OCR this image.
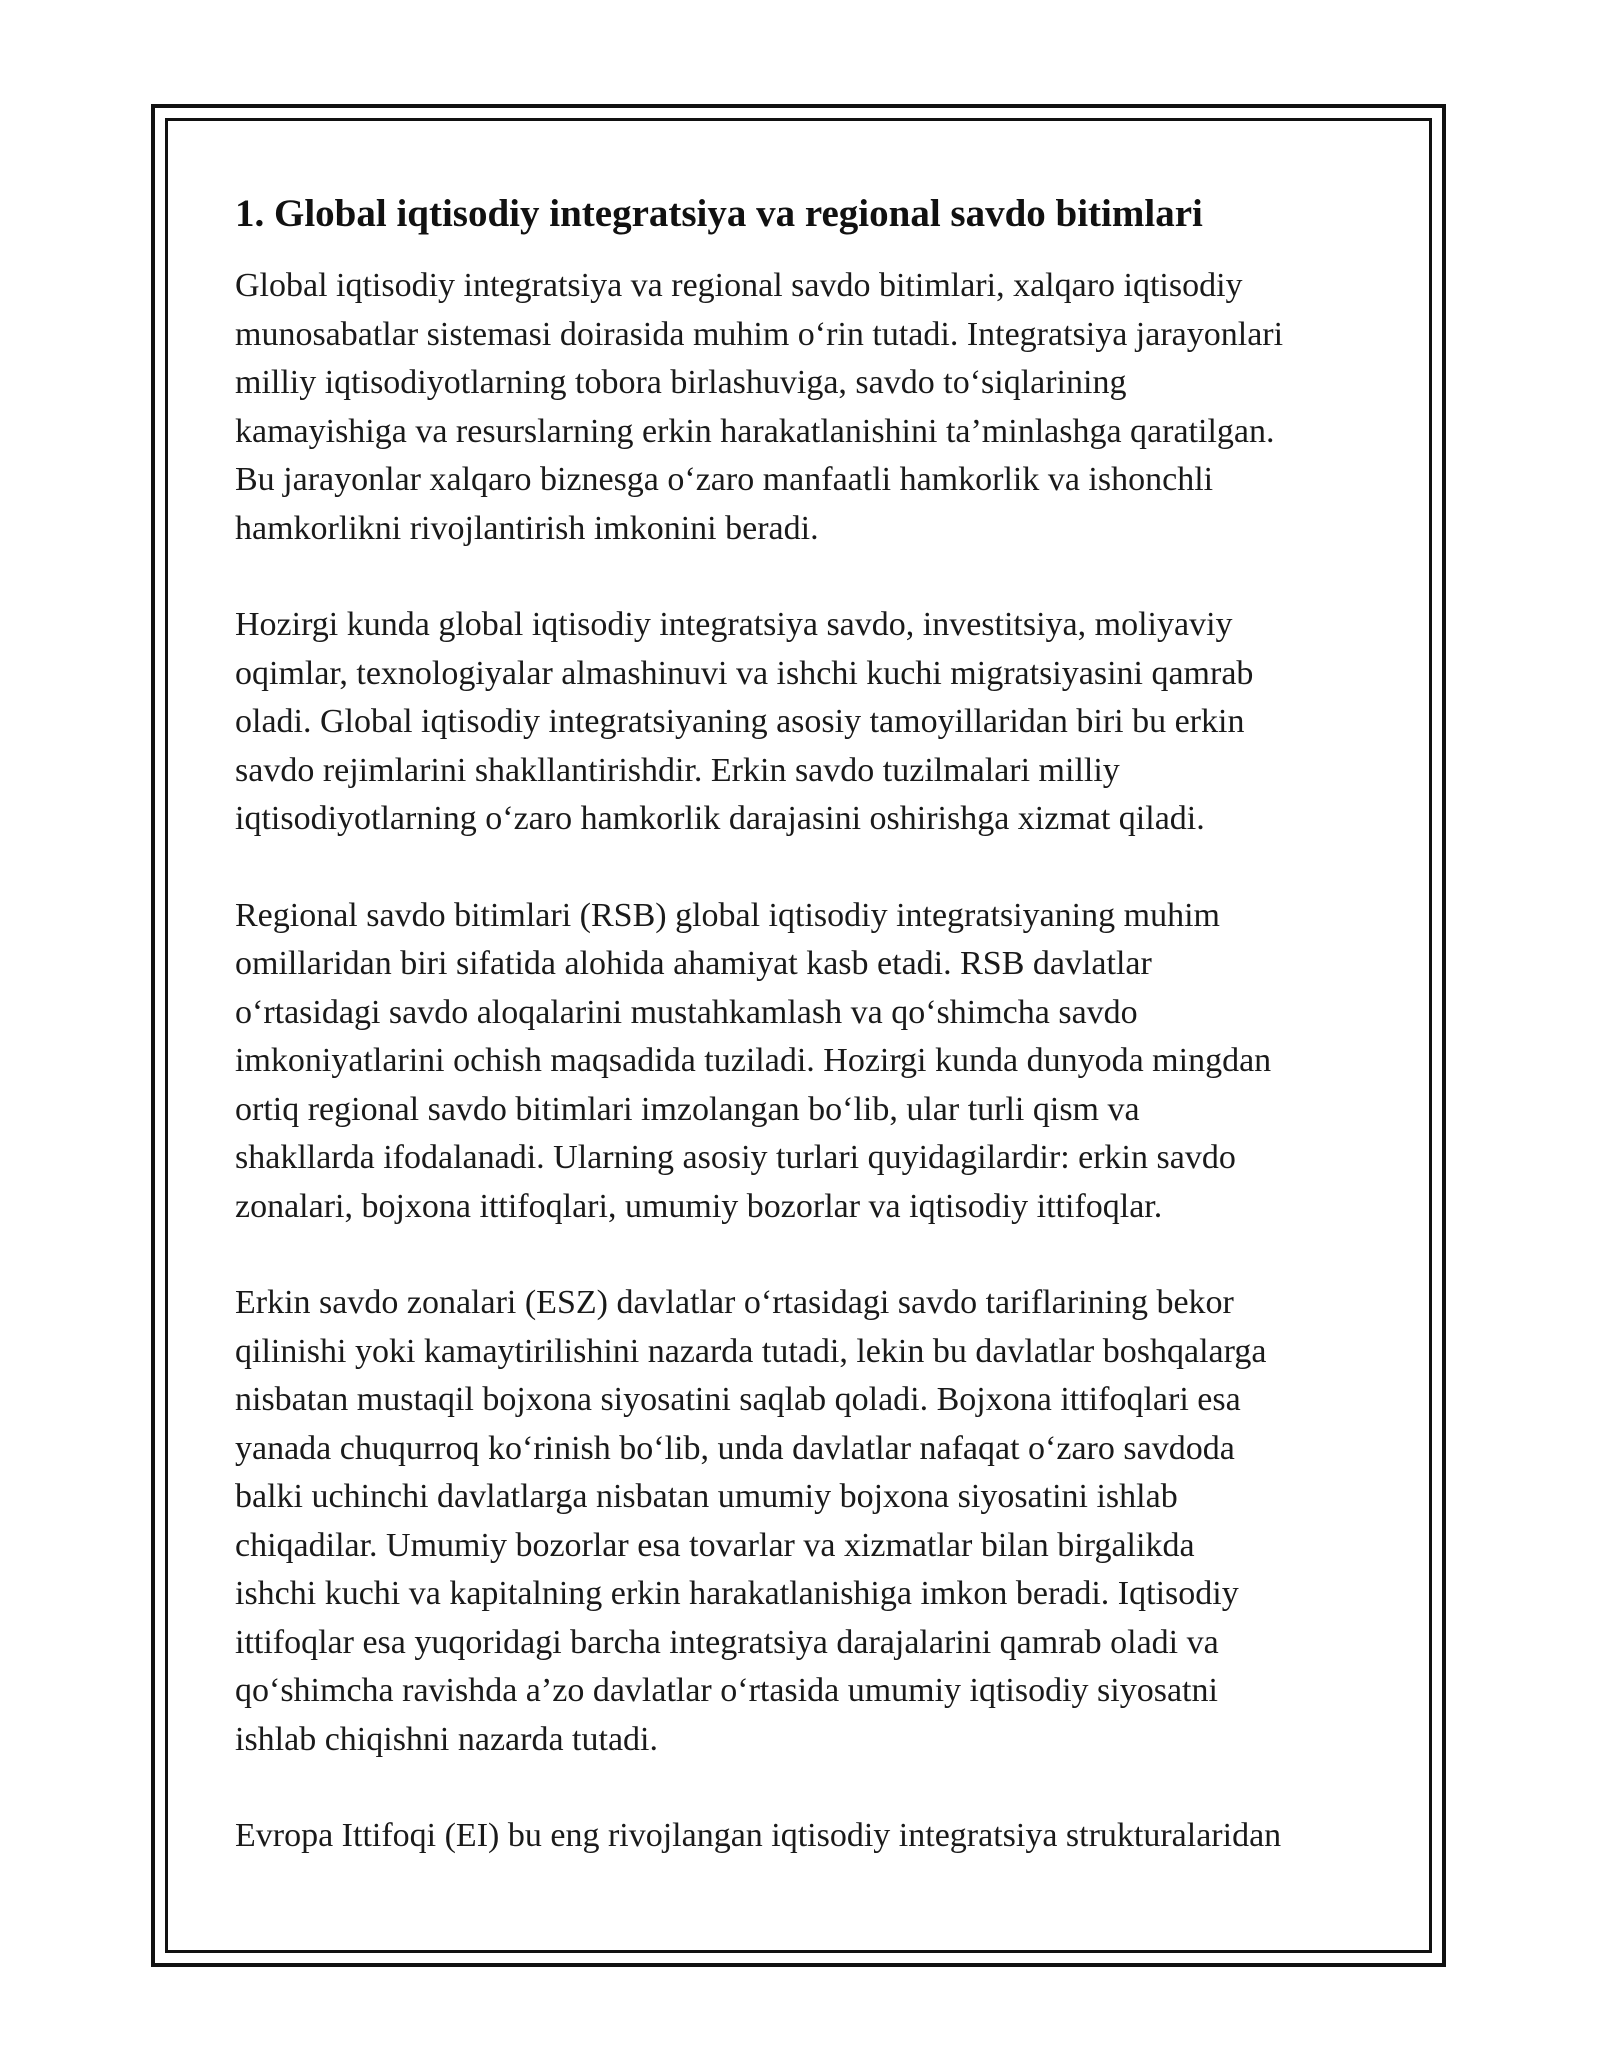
1. Global iqtisodiy integratsiya va regional savdo bitimlari

Global iqtisodiy integratsiya va regional savdo bitimlari, xalqaro iqtisodiy
munosabatlar sistemasi doirasida muhim o‘rin tutadi. Integratsiya jarayonlari
milliy iqtisodiyotlarning tobora birlashuviga, savdo to‘siqlarining
kamayishiga va resurslarning erkin harakatlanishini ta’minlashga qaratilgan.
Bu jarayonlar xalqaro biznesga o‘zaro manfaatli hamkorlik va ishonchli
hamkorlikni rivojlantirish imkonini beradi.

Hozirgi kunda global iqtisodiy integratsiya savdo, investitsiya, moliyaviy
oqimlar, texnologiyalar almashinuvi va ishchi kuchi migratsiyasini qamrab
oladi. Global iqtisodiy integratsiyaning asosiy tamoyillaridan biri bu erkin
savdo rejimlarini shakllantirishdir. Erkin savdo tuzilmalari milliy
iqtisodiyotlarning o‘zaro hamkorlik darajasini oshirishga xizmat qiladi.

Regional savdo bitimlari (RSB) global iqtisodiy integratsiyaning muhim
omillaridan biri sifatida alohida ahamiyat kasb etadi. RSB davlatlar
o‘rtasidagi savdo aloqalarini mustahkamlash va qo‘shimcha savdo
imkoniyatlarini ochish maqsadida tuziladi. Hozirgi kunda dunyoda mingdan
ortiq regional savdo bitimlari imzolangan bo‘lib, ular turli qism va
shakllarda ifodalanadi. Ularning asosiy turlari quyidagilardir: erkin savdo
zonalari, bojxona ittifoqlari, umumiy bozorlar va iqtisodiy ittifoqlar.

Erkin savdo zonalari (ESZ) davlatlar o‘rtasidagi savdo tariflarining bekor
qilinishi yoki kamaytirilishini nazarda tutadi, lekin bu davlatlar boshqalarga
nisbatan mustaqil bojxona siyosatini saqlab qoladi. Bojxona ittifoqlari esa
yanada chuqurroq ko‘rinish bo‘lib, unda davlatlar nafaqat o‘zaro savdoda
balki uchinchi davlatlarga nisbatan umumiy bojxona siyosatini ishlab
chiqadilar. Umumiy bozorlar esa tovarlar va xizmatlar bilan birgalikda
ishchi kuchi va kapitalning erkin harakatlanishiga imkon beradi. Iqtisodiy
ittifoqlar esa yuqoridagi barcha integratsiya darajalarini qamrab oladi va
qo‘shimcha ravishda a’zo davlatlar o‘rtasida umumiy iqtisodiy siyosatni
ishlab chiqishni nazarda tutadi.

Evropa Ittifoqi (EI) bu eng rivojlangan iqtisodiy integratsiya strukturalaridan
